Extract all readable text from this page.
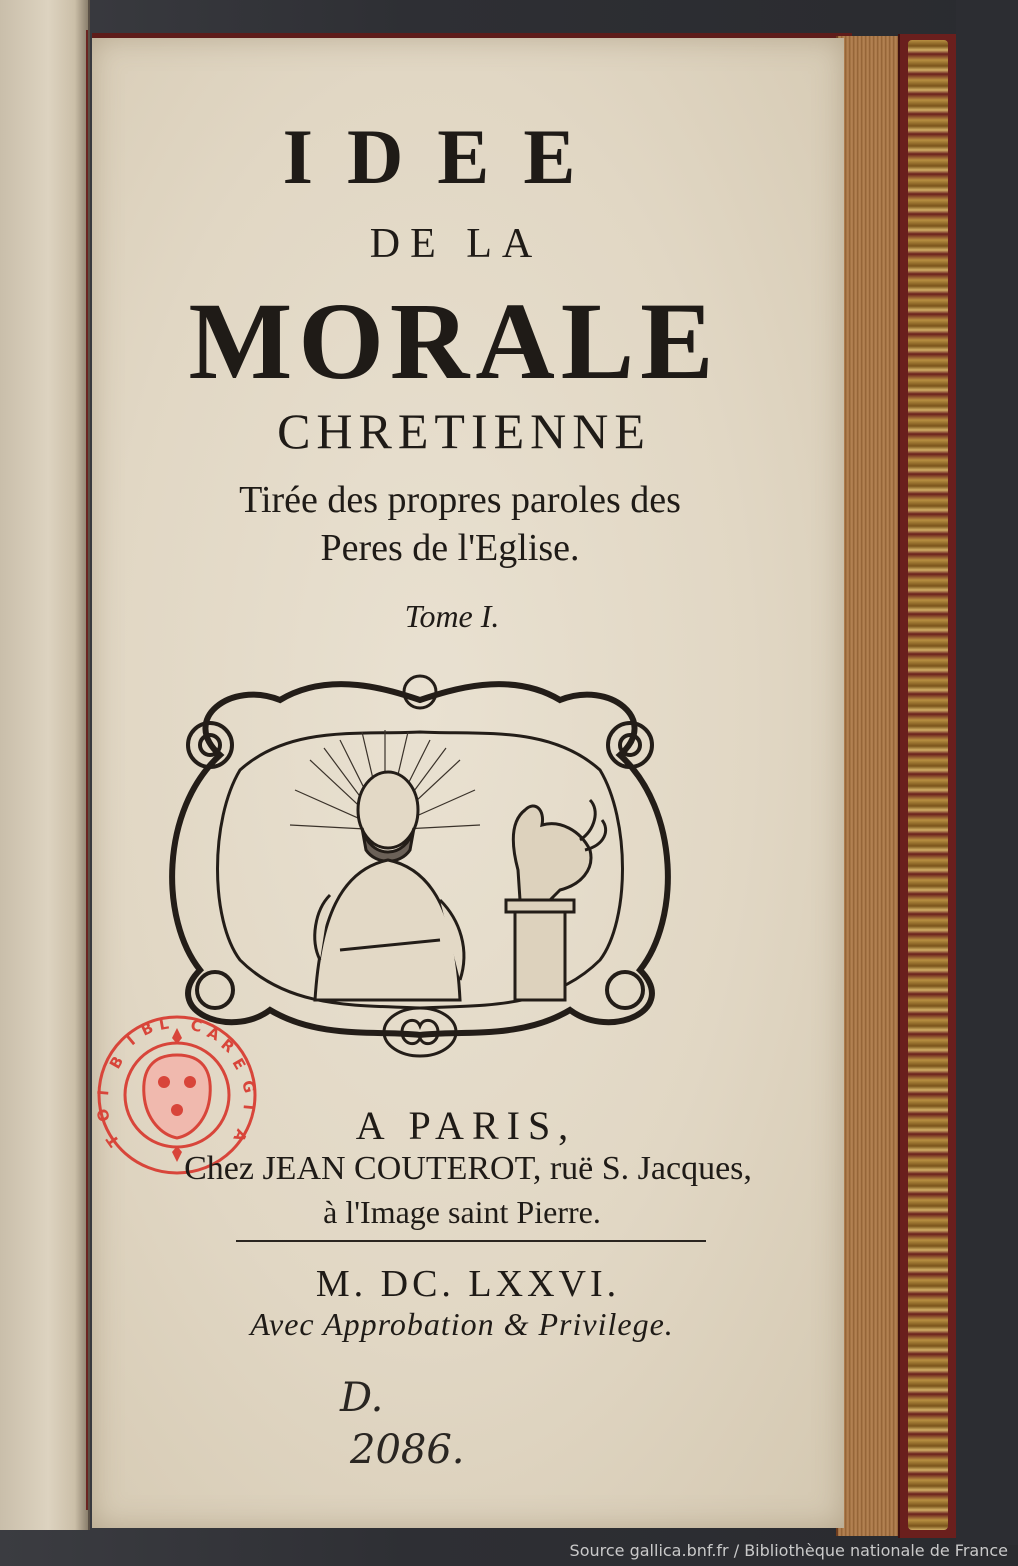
IDEE
DE LA
MORALE
CHRETIENNE
Tirée des propres paroles des
Peres de l'Eglise.
Tome I.
B
I
B L C A
R
E
G
I
A
I
O
T	A PARIS,
Chez JEAN COUTEROT, ruë S. Jacques,
à l'Image saint Pierre.
M. DC. LXXVI.
Avec Approbation & Privilege.
D.
2086.
Source gallica.bnf.fr / Bibliothèque nationale de France
